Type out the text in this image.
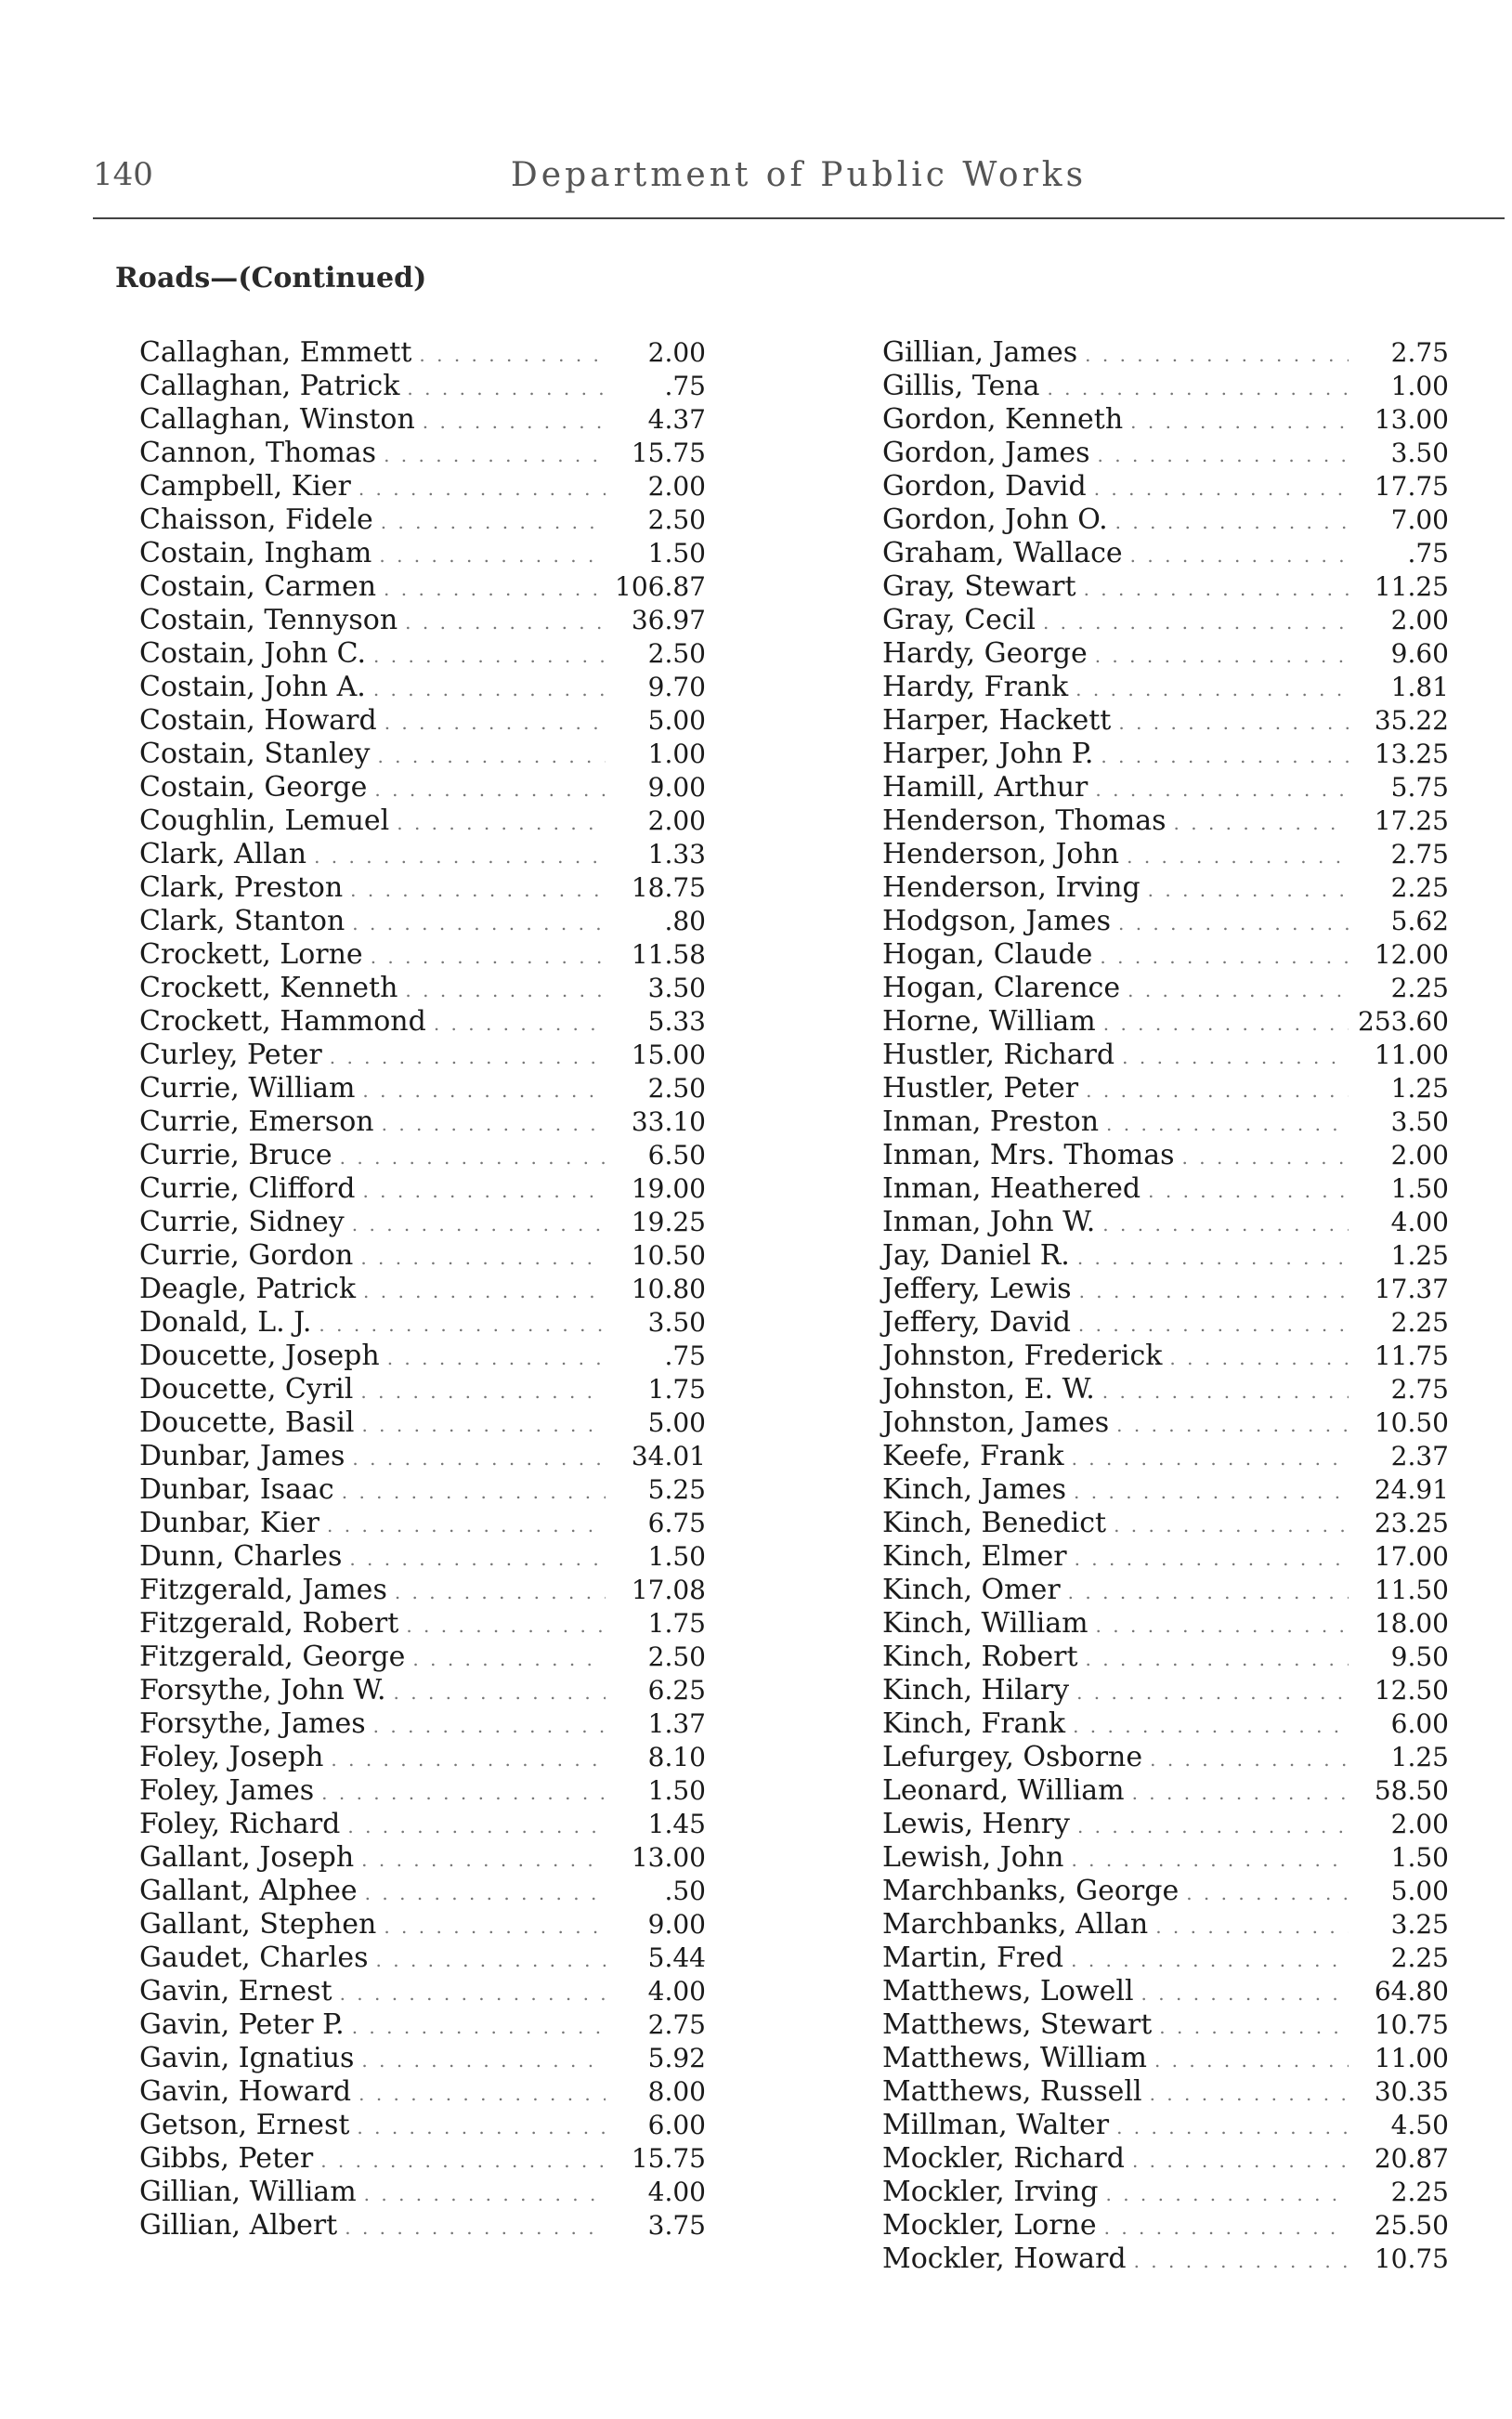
140	Department of Public Works
Roads—(Continued)
Callaghan, Emmett . . .	2.00
Callaghan, Patrick . . .	.75
Callaghan, Winston . . .	4.37
Cannon, Thomas . . .	15.75
Campbell, Kier . . .	2.00
Chaisson, Fidele . . .	2.50
Costain, Ingham . . .	1.50
Costain, Carmen . . .	106.87
Costain, Tennyson . . .	36.97
Costain, John C. . . .	2.50
Costain, John A. . . .	9.70
Costain, Howard . . .	5.00
Costain, Stanley . . .	1.00
Costain, George . . .	9.00
Coughlin, Lemuel . . .	2.00
Clark, Allan . . .	1.33
Clark, Preston . . .	18.75
Clark, Stanton . . .	.80
Crockett, Lorne . . .	11.58
Crockett, Kenneth . . .	3.50
Crockett, Hammond . . .	5.33
Curley, Peter . . .	15.00
Currie, William . . .	2.50
Currie, Emerson . . .	33.10
Currie, Bruce . . .	6.50
Currie, Clifford . . .	19.00
Currie, Sidney . . .	19.25
Currie, Gordon . . .	10.50
Deagle, Patrick . . .	10.80
Donald, L. J. . . .	3.50
Doucette, Joseph . . .	.75
Doucette, Cyril . . .	1.75
Doucette, Basil . . .	5.00
Dunbar, James . . .	34.01
Dunbar, Isaac . . .	5.25
Dunbar, Kier . . .	6.75
Dunn, Charles . . .	1.50
Fitzgerald, James . . .	17.08
Fitzgerald, Robert . . .	1.75
Fitzgerald, George . . .	2.50
Forsythe, John W. . . .	6.25
Forsythe, James . . .	1.37
Foley, Joseph . . .	8.10
Foley, James . . .	1.50
Foley, Richard . . .	1.45
Gallant, Joseph . . .	13.00
Gallant, Alphee . . .	.50
Gallant, Stephen . . .	9.00
Gaudet, Charles . . .	5.44
Gavin, Ernest . . .	4.00
Gavin, Peter P. . . .	2.75
Gavin, Ignatius . . .	5.92
Gavin, Howard . . .	8.00
Getson, Ernest . . .	6.00
Gibbs, Peter . . .	15.75
Gillian, William . . .	4.00
Gillian, Albert . . .	3.75
Gillian, James . . .	2.75
Gillis, Tena . . .	1.00
Gordon, Kenneth . . .	13.00
Gordon, James . . .	3.50
Gordon, David . . .	17.75
Gordon, John O. . . .	7.00
Graham, Wallace . . .	.75
Gray, Stewart . . .	11.25
Gray, Cecil . . .	2.00
Hardy, George . . .	9.60
Hardy, Frank . . .	1.81
Harper, Hackett . . .	35.22
Harper, John P. . . .	13.25
Hamill, Arthur . . .	5.75
Henderson, Thomas . . .	17.25
Henderson, John . . .	2.75
Henderson, Irving . . .	2.25
Hodgson, James . . .	5.62
Hogan, Claude . . .	12.00
Hogan, Clarence . . .	2.25
Horne, William . . .	253.60
Hustler, Richard . . .	11.00
Hustler, Peter . . .	1.25
Inman, Preston . . .	3.50
Inman, Mrs. Thomas . . .	2.00
Inman, Heathered . . .	1.50
Inman, John W. . . .	4.00
Jay, Daniel R. . . .	1.25
Jeffery, Lewis . . .	17.37
Jeffery, David . . .	2.25
Johnston, Frederick . . .	11.75
Johnston, E. W. . . .	2.75
Johnston, James . . .	10.50
Keefe, Frank . . .	2.37
Kinch, James . . .	24.91
Kinch, Benedict . . .	23.25
Kinch, Elmer . . .	17.00
Kinch, Omer . . .	11.50
Kinch, William . . .	18.00
Kinch, Robert . . .	9.50
Kinch, Hilary . . .	12.50
Kinch, Frank . . .	6.00
Lefurgey, Osborne . . .	1.25
Leonard, William . . .	58.50
Lewis, Henry . . .	2.00
Lewish, John . . .	1.50
Marchbanks, George . . .	5.00
Marchbanks, Allan . . .	3.25
Martin, Fred . . .	2.25
Matthews, Lowell . . .	64.80
Matthews, Stewart . . .	10.75
Matthews, William . . .	11.00
Matthews, Russell . . .	30.35
Millman, Walter . . .	4.50
Mockler, Richard . . .	20.87
Mockler, Irving . . .	2.25
Mockler, Lorne . . .	25.50
Mockler, Howard . . .	10.75
